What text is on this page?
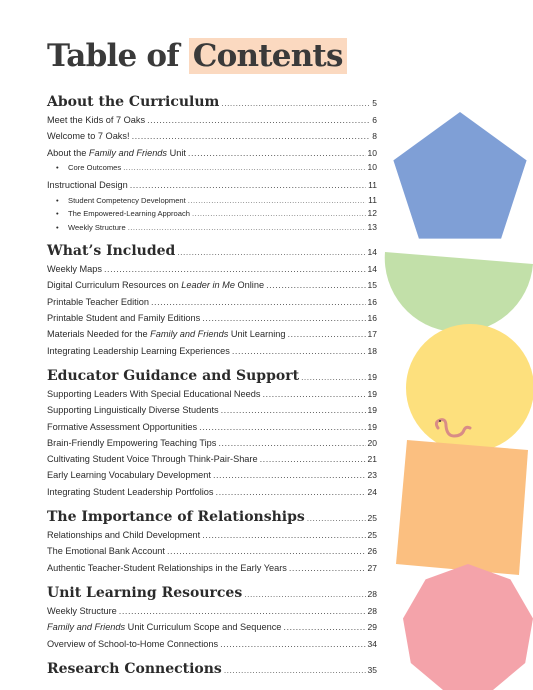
Table of Contents
About the Curriculum .....	5
Meet the Kids of 7 Oaks .....	6
Welcome to 7 Oaks! .....	8
About the Family and Friends Unit .....	10
• Core Outcomes .....	10
Instructional Design .....	11
• Student Competency Development .....	11
• The Empowered-Learning Approach .....	12
• Weekly Structure .....	13
What’s Included .....	14
Weekly Maps .....	14
Digital Curriculum Resources on Leader in Me Online .....	15
Printable Teacher Edition .....	16
Printable Student and Family Editions .....	16
Materials Needed for the Family and Friends Unit Learning .....	17
Integrating Leadership Learning Experiences .....	18
Educator Guidance and Support .....	19
Supporting Leaders With Special Educational Needs .....	19
Supporting Linguistically Diverse Students .....	19
Formative Assessment Opportunities .....	19
Brain-Friendly Empowering Teaching Tips .....	20
Cultivating Student Voice Through Think-Pair-Share .....	21
Early Learning Vocabulary Development .....	23
Integrating Student Leadership Portfolios .....	24
The Importance of Relationships .....	25
Relationships and Child Development .....	25
The Emotional Bank Account .....	26
Authentic Teacher-Student Relationships in the Early Years .....	27
Unit Learning Resources .....	28
Weekly Structure .....	28
Family and Friends Unit Curriculum Scope and Sequence .....	29
Overview of School-to-Home Connections .....	34
Research Connections .....	35
